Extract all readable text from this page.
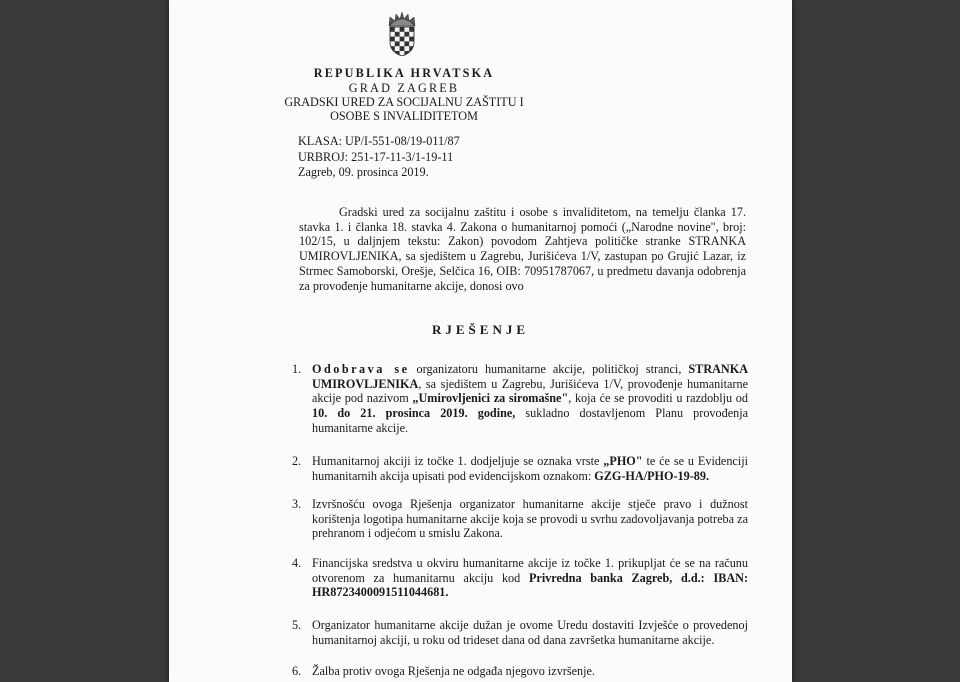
REPUBLIKA HRVATSKA
GRAD ZAGREB
GRADSKI URED ZA SOCIJALNU ZAŠTITU I
OSOBE S INVALIDITETOM
KLASA: UP/I-551-08/19-011/87
URBROJ: 251-17-11-3/1-19-11
Zagreb, 09. prosinca 2019.
Gradski ured za socijalnu zaštitu i osobe s invaliditetom, na temelju članka 17. stavka 1. i članka 18. stavka 4. Zakona o humanitarnoj pomoći („Narodne novine", broj: 102/15, u daljnjem tekstu: Zakon) povodom Zahtjeva političke stranke STRANKA UMIROVLJENIKA, sa sjedištem u Zagrebu, Jurišićeva 1/V, zastupan po Grujić Lazar, iz Strmec Samoborski, Orešje, Selčica 16, OIB: 70951787067, u predmetu davanja odobrenja za provođenje humanitarne akcije, donosi ovo
RJEŠENJE
1. Odobrava se organizatoru humanitarne akcije, političkoj stranci, STRANKA UMIROVLJENIKA, sa sjedištem u Zagrebu, Jurišićeva 1/V, provođenje humanitarne akcije pod nazivom „Umirovljenici za siromašne", koja će se provoditi u razdoblju od 10. do 21. prosinca 2019. godine, sukladno dostavljenom Planu provođenja humanitarne akcije.
2. Humanitarnoj akciji iz točke 1. dodjeljuje se oznaka vrste „PHO" te će se u Evidenciji humanitarnih akcija upisati pod evidencijskom oznakom: GZG-HA/PHO-19-89.
3. Izvršnošću ovoga Rješenja organizator humanitarne akcije stječe pravo i dužnost korištenja logotipa humanitarne akcije koja se provodi u svrhu zadovoljavanja potreba za prehranom i odjećom u smislu Zakona.
4. Financijska sredstva u okviru humanitarne akcije iz točke 1. prikupljat će se na računu otvorenom za humanitarnu akciju kod Privredna banka Zagreb, d.d.: IBAN: HR8723400091511044681.
5. Organizator humanitarne akcije dužan je ovome Uredu dostaviti Izvješće o provedenoj humanitarnoj akciji, u roku od trideset dana od dana završetka humanitarne akcije.
6. Žalba protiv ovoga Rješenja ne odgađa njegovo izvršenje.
